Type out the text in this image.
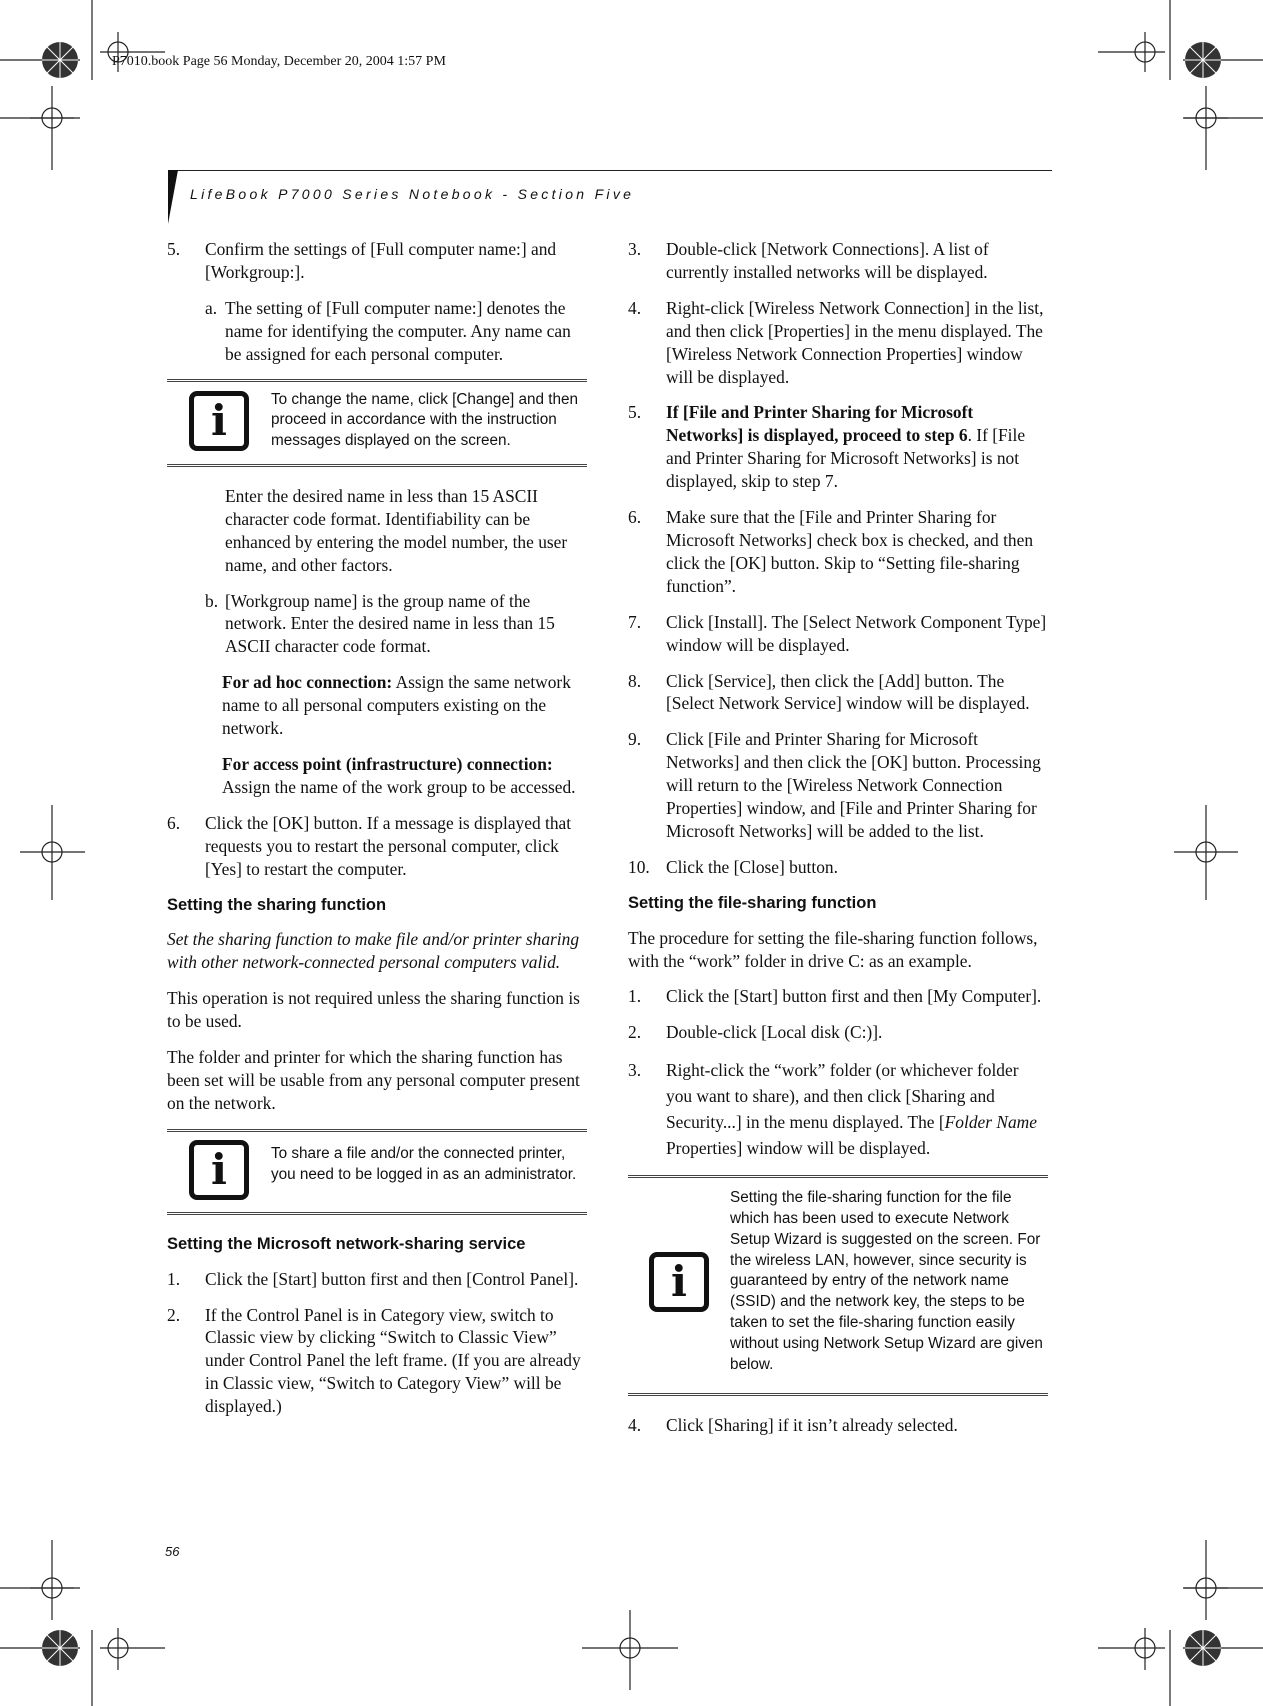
P7010.book Page 56 Monday, December 20, 2004 1:57 PM
LifeBook P7000 Series Notebook - Section Five
5.	Confirm the settings of [Full computer name:] and [Workgroup:].
a. The setting of [Full computer name:] denotes the name for identifying the computer. Any name can be assigned for each personal computer.
i	To change the name, click [Change] and then proceed in accordance with the instruction messages displayed on the screen.

Enter the desired name in less than 15 ASCII character code format. Identifiability can be enhanced by entering the model number, the user name, and other factors.

b. [Workgroup name] is the group name of the network. Enter the desired name in less than 15 ASCII character code format.

For ad hoc connection: Assign the same network name to all personal computers existing on the network.

For access point (infrastructure) connection: Assign the name of the work group to be accessed.

6.	Click the [OK] button. If a message is displayed that requests you to restart the personal computer, click [Yes] to restart the computer.
Setting the sharing function

Set the sharing function to make file and/or printer sharing with other network-connected personal computers valid.

This operation is not required unless the sharing function is to be used.

The folder and printer for which the sharing function has been set will be usable from any personal computer present on the network.

i	To share a file and/or the connected printer, you need to be logged in as an administrator.
Setting the Microsoft network-sharing service
1.	Click the [Start] button first and then [Control Panel].
2.	If the Control Panel is in Category view, switch to Classic view by clicking “Switch to Classic View” under Control Panel the left frame. (If you are already in Classic view, “Switch to Category View” will be displayed.)
3.	Double-click [Network Connections]. A list of currently installed networks will be displayed.
4.	Right-click [Wireless Network Connection] in the list, and then click [Properties] in the menu displayed. The [Wireless Network Connection Properties] window will be displayed.
5.	If [File and Printer Sharing for Microsoft Networks] is displayed, proceed to step 6. If [File and Printer Sharing for Microsoft Networks] is not displayed, skip to step 7.
6.	Make sure that the [File and Printer Sharing for Microsoft Networks] check box is checked, and then click the [OK] button. Skip to “Setting file-sharing function”.
7.	Click [Install]. The [Select Network Component Type] window will be displayed.
8.	Click [Service], then click the [Add] button. The [Select Network Service] window will be displayed.
9.	Click [File and Printer Sharing for Microsoft Networks] and then click the [OK] button. Processing will return to the [Wireless Network Connection Properties] window, and [File and Printer Sharing for Microsoft Networks] will be added to the list.
10. Click the [Close] button.
Setting the file-sharing function

The procedure for setting the file-sharing function follows, with the “work” folder in drive C: as an example.

1.	Click the [Start] button first and then [My Computer].
2.	Double-click [Local disk (C:)].
3.	Right-click the “work” folder (or whichever folder you want to share), and then click [Sharing and Security...] in the menu displayed. The [Folder Name Properties] window will be displayed.
i
Setting the file-sharing function for the file which has been used to execute Network Setup Wizard is suggested on the screen. For the wireless LAN, however, since security is guaranteed by entry of the network name (SSID) and the network key, the steps to be taken to set the file-sharing function easily without using Network Setup Wizard are given below.
4.	Click [Sharing] if it isn’t already selected.
56
